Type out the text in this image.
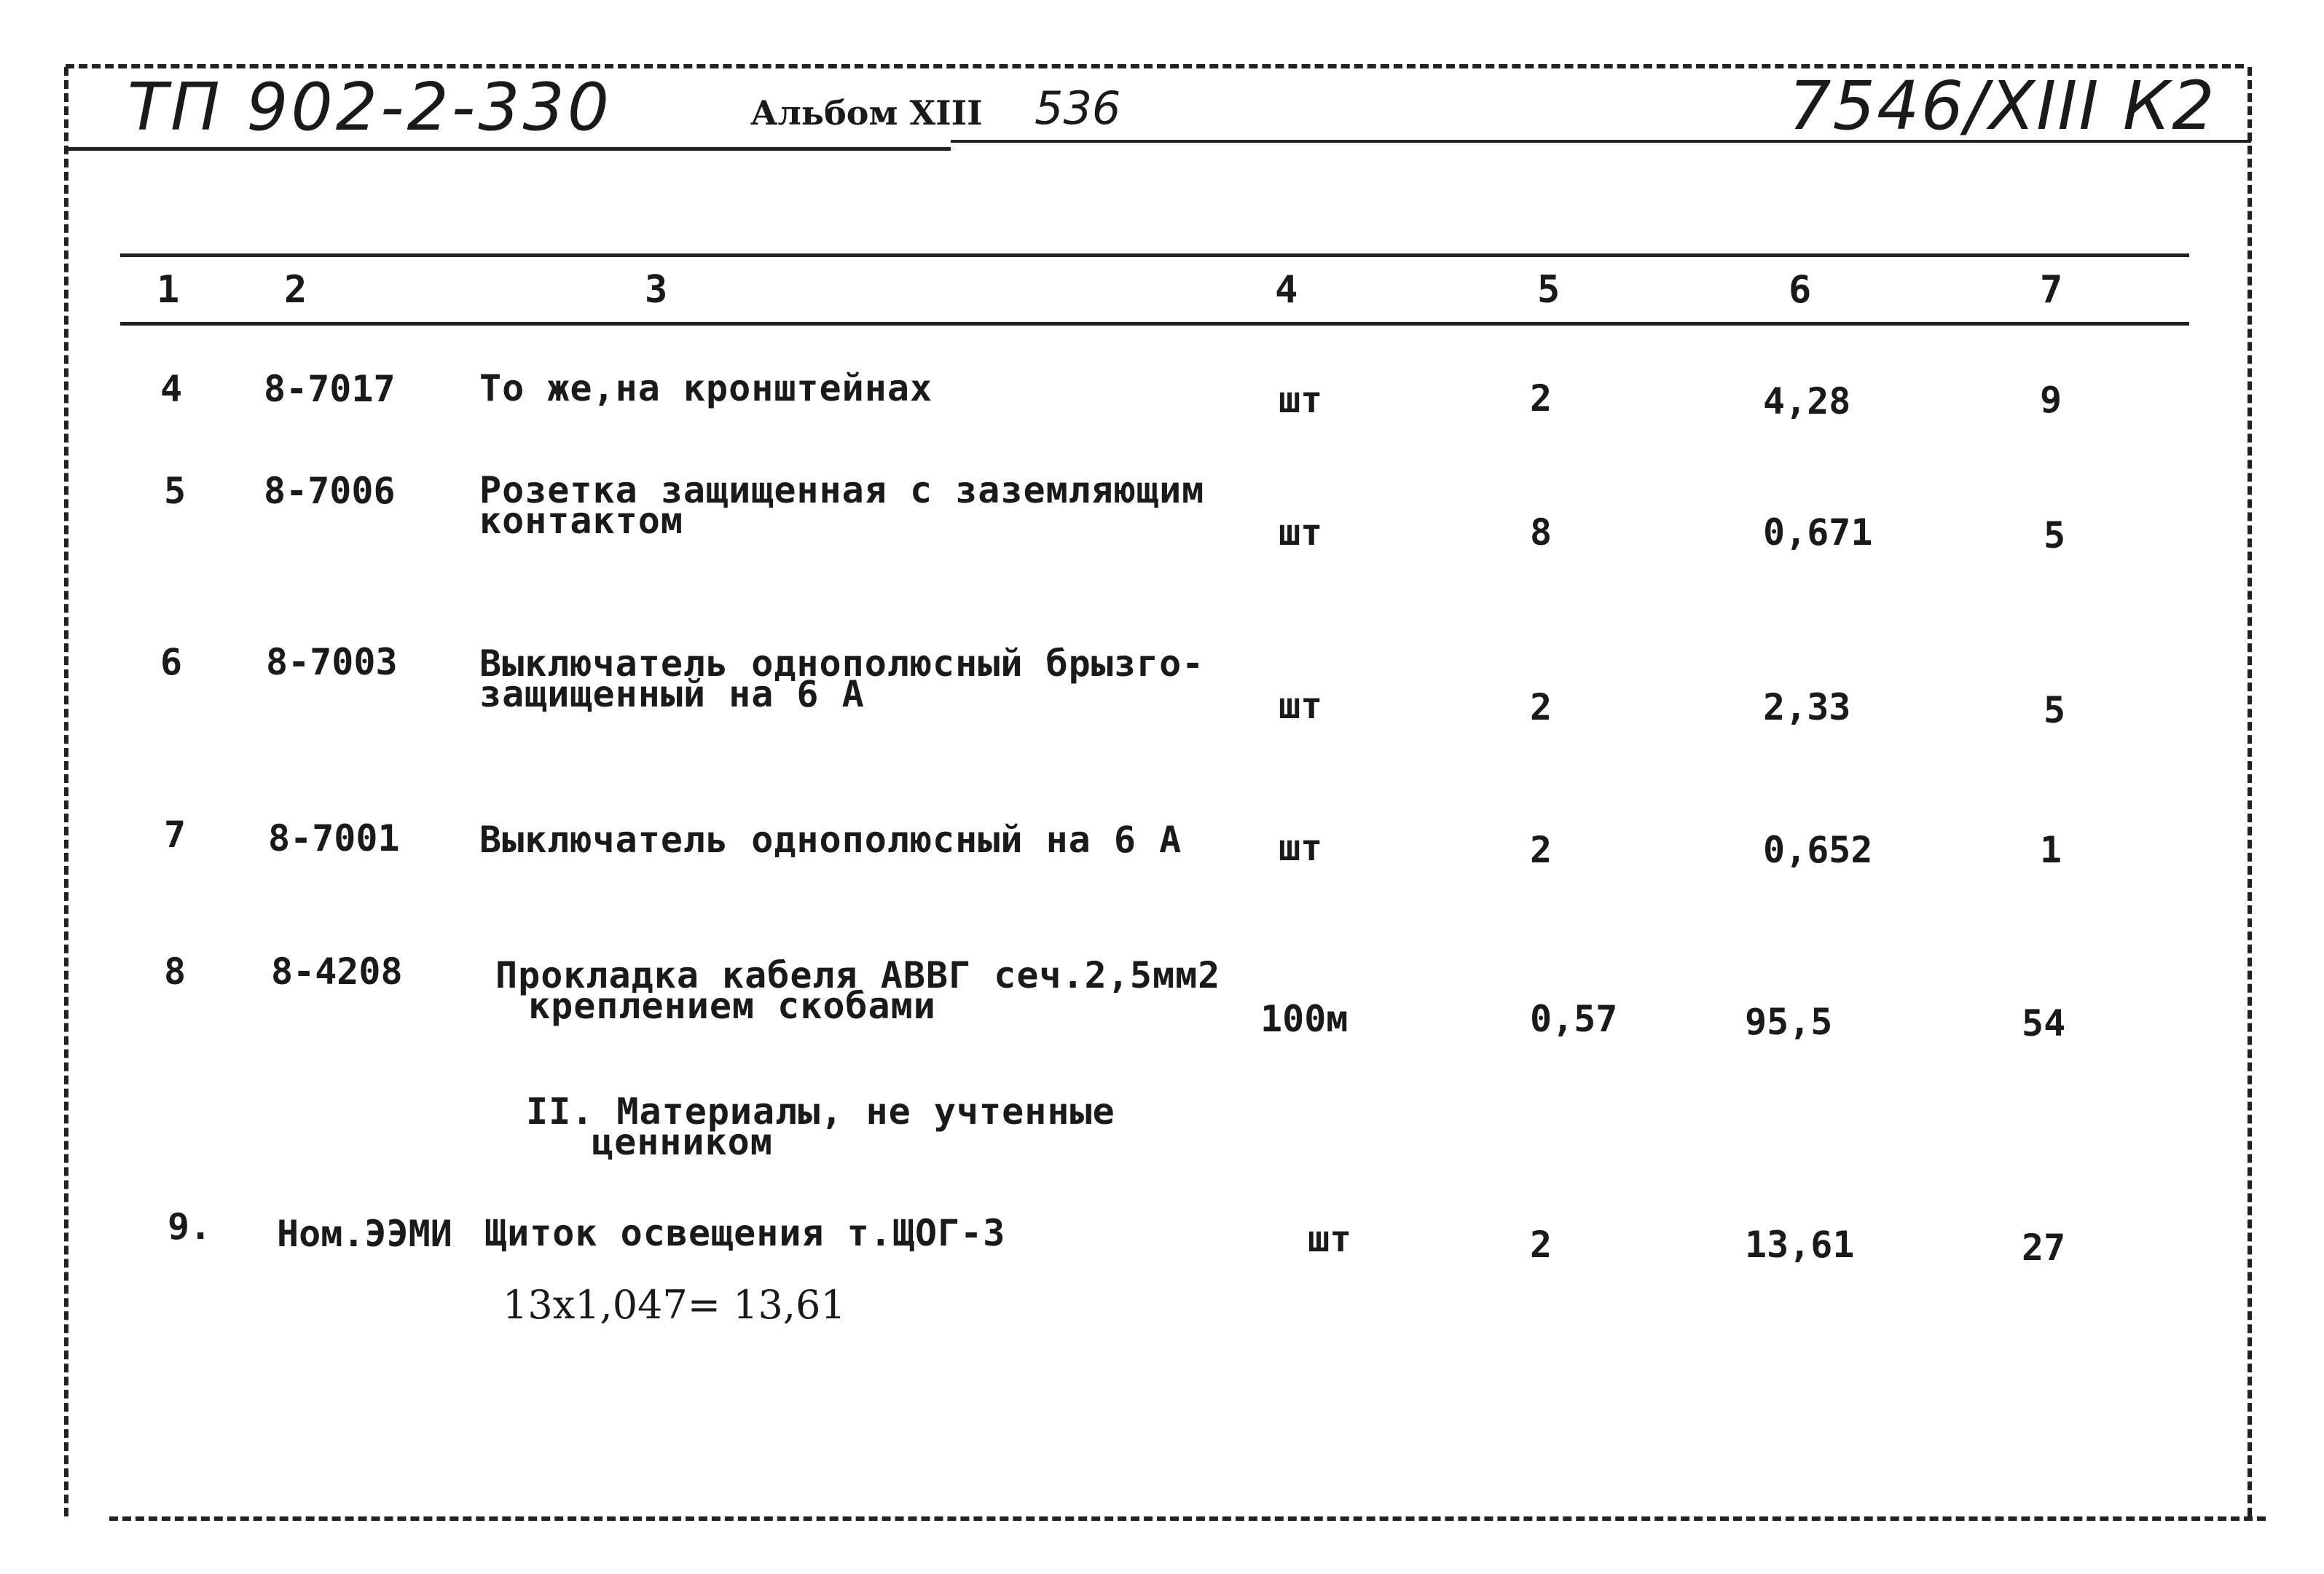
ТП 902-2-330	Альбом XIII 536	7546/XIII К2
1	2	3	4	5	6	7
4 8-7017 То же,на кронштейнах	шт	2	4,28	9
5 8-7006 Розетка защищенная с заземляющим
контактом	шт	8	0,671	5
6 8-7003 Выключатель однополюсный брызго-
защищенный на 6 А	шт	2	2,33	5
7 8-7001 Выключатель однополюсный на 6 А	шт	2	0,652	1
8 8-4208	Прокладка кабеля АВВГ сеч.2,5мм2
креплением скобами	100м	0,57	95,5	54
II. Материалы, не учтенные
ценником
9. Ном.ЭЭМИ Щиток освещения т.ЩОГ-3	шт	2	13,61	27
13х1,047= 13,61
